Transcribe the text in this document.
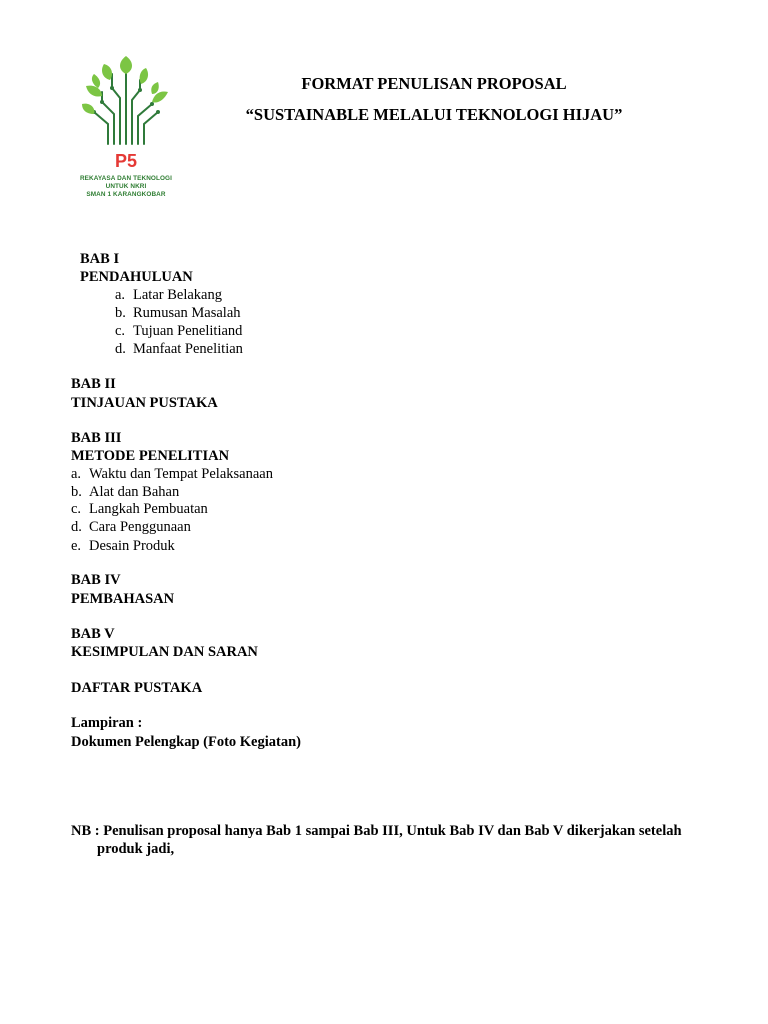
P5
REKAYASA DAN TEKNOLOGI
UNTUK NKRI
SMAN 1 KARANGKOBAR
FORMAT PENULISAN PROPOSAL
“SUSTAINABLE MELALUI TEKNOLOGI HIJAU”
BAB I
PENDAHULUAN
a. Latar Belakang
b. Rumusan Masalah
c. Tujuan Penelitiand
d. Manfaat Penelitian
BAB II
TINJAUAN PUSTAKA
BAB III
METODE PENELITIAN
a. Waktu dan Tempat Pelaksanaan
b. Alat dan Bahan
c. Langkah Pembuatan
d. Cara Penggunaan
e. Desain Produk
BAB IV
PEMBAHASAN
BAB V
KESIMPULAN DAN SARAN
DAFTAR PUSTAKA
Lampiran :
Dokumen Pelengkap (Foto Kegiatan)
NB : Penulisan proposal hanya Bab 1 sampai Bab III, Untuk Bab IV dan Bab V dikerjakan setelah
produk jadi,
